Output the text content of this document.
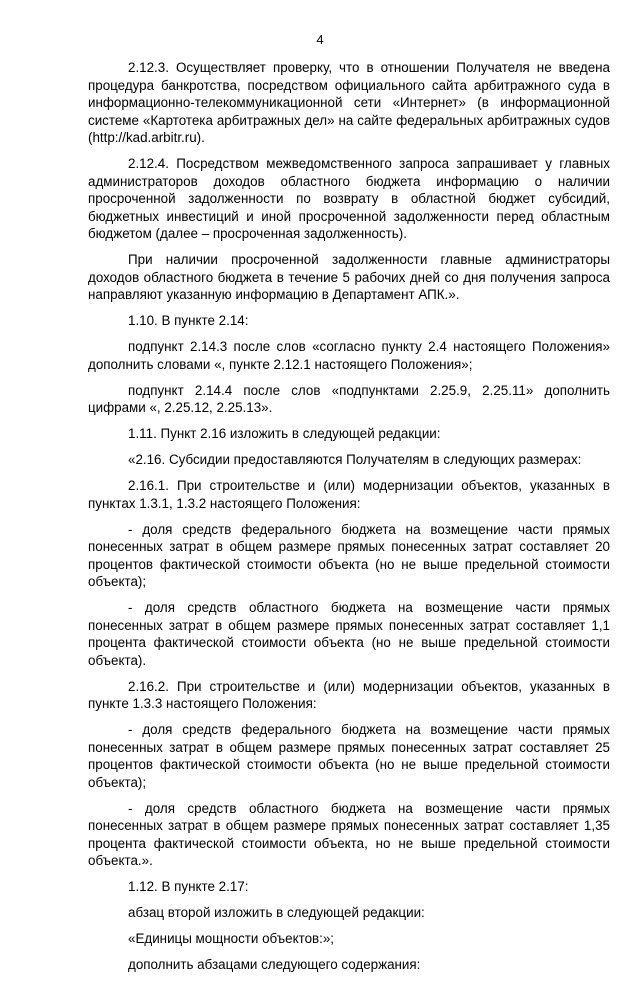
4

2.12.3. Осуществляет проверку, что в отношении Получателя не введена процедура банкротства, посредством официального сайта арбитражного суда в информационно-телекоммуникационной сети «Интернет» (в информационной системе «Картотека арбитражных дел» на сайте федеральных арбитражных судов (http://kad.arbitr.ru).

2.12.4. Посредством межведомственного запроса запрашивает у главных администраторов доходов областного бюджета информацию о наличии просроченной задолженности по возврату в областной бюджет субсидий, бюджетных инвестиций и иной просроченной задолженности перед областным бюджетом (далее – просроченная задолженность).

При наличии просроченной задолженности главные администраторы доходов областного бюджета в течение 5 рабочих дней со дня получения запроса направляют указанную информацию в Департамент АПК.».

1.10. В пункте 2.14:

подпункт 2.14.3 после слов «согласно пункту 2.4 настоящего Положения» дополнить словами «, пункте 2.12.1 настоящего Положения»;

подпункт 2.14.4 после слов «подпунктами 2.25.9, 2.25.11» дополнить цифрами «, 2.25.12, 2.25.13».

1.11. Пункт 2.16 изложить в следующей редакции:

«2.16. Субсидии предоставляются Получателям в следующих размерах:

2.16.1. При строительстве и (или) модернизации объектов, указанных в пунктах 1.3.1, 1.3.2 настоящего Положения:

- доля средств федерального бюджета на возмещение части прямых понесенных затрат в общем размере прямых понесенных затрат составляет 20 процентов фактической стоимости объекта (но не выше предельной стоимости объекта);

- доля средств областного бюджета на возмещение части прямых понесенных затрат в общем размере прямых понесенных затрат составляет 1,1 процента фактической стоимости объекта (но не выше предельной стоимости объекта).

2.16.2. При строительстве и (или) модернизации объектов, указанных в пункте 1.3.3 настоящего Положения:

- доля средств федерального бюджета на возмещение части прямых понесенных затрат в общем размере прямых понесенных затрат составляет 25 процентов фактической стоимости объекта (но не выше предельной стоимости объекта);

- доля средств областного бюджета на возмещение части прямых понесенных затрат в общем размере прямых понесенных затрат составляет 1,35 процента фактической стоимости объекта, но не выше предельной стоимости объекта.».

1.12. В пункте 2.17:

абзац второй изложить в следующей редакции:

«Единицы мощности объектов:»;

дополнить абзацами следующего содержания:
